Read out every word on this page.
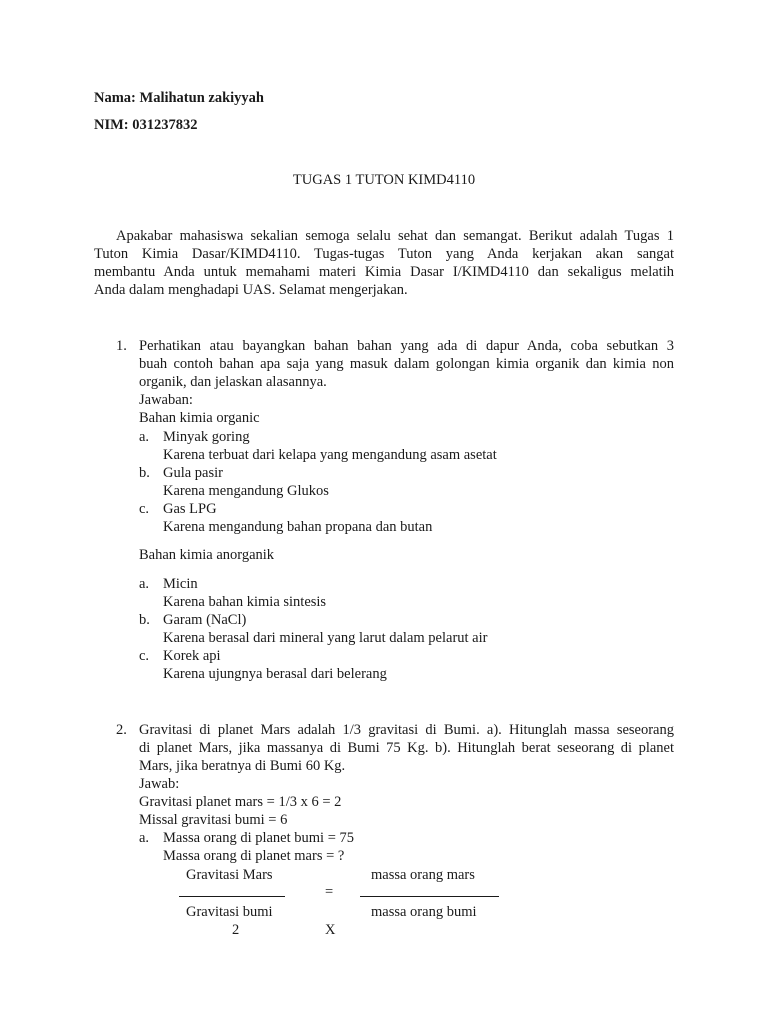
Nama: Malihatun zakiyyah
NIM: 031237832
TUGAS 1 TUTON KIMD4110
Apakabar mahasiswa sekalian semoga selalu sehat dan semangat. Berikut adalah Tugas 1
Tuton Kimia Dasar/KIMD4110. Tugas-tugas Tuton yang Anda kerjakan akan sangat
membantu Anda untuk memahami materi Kimia Dasar I/KIMD4110 dan sekaligus melatih
Anda dalam menghadapi UAS. Selamat mengerjakan.
1. Perhatikan atau bayangkan bahan bahan yang ada di dapur Anda, coba sebutkan 3
buah contoh bahan apa saja yang masuk dalam golongan kimia organik dan kimia non
organik, dan jelaskan alasannya.
Jawaban:
Bahan kimia organic
a. Minyak goring
Karena terbuat dari kelapa yang mengandung asam asetat
b. Gula pasir
Karena mengandung Glukos
c. Gas LPG
Karena mengandung bahan propana dan butan
Bahan kimia anorganik
a. Micin
Karena bahan kimia sintesis
b. Garam (NaCl)
Karena berasal dari mineral yang larut dalam pelarut air
c. Korek api
Karena ujungnya berasal dari belerang
2. Gravitasi di planet Mars adalah 1/3 gravitasi di Bumi. a). Hitunglah massa seseorang
di planet Mars, jika massanya di Bumi 75 Kg. b). Hitunglah berat seseorang di planet
Mars, jika beratnya di Bumi 60 Kg.
Jawab:
Gravitasi planet mars = 1/3 x 6 = 2
Missal gravitasi bumi = 6
a. Massa orang di planet bumi = 75
Massa orang di planet mars = ?
Gravitasi Mars	massa orang mars
=
Gravitasi bumi	massa orang bumi
2	X
